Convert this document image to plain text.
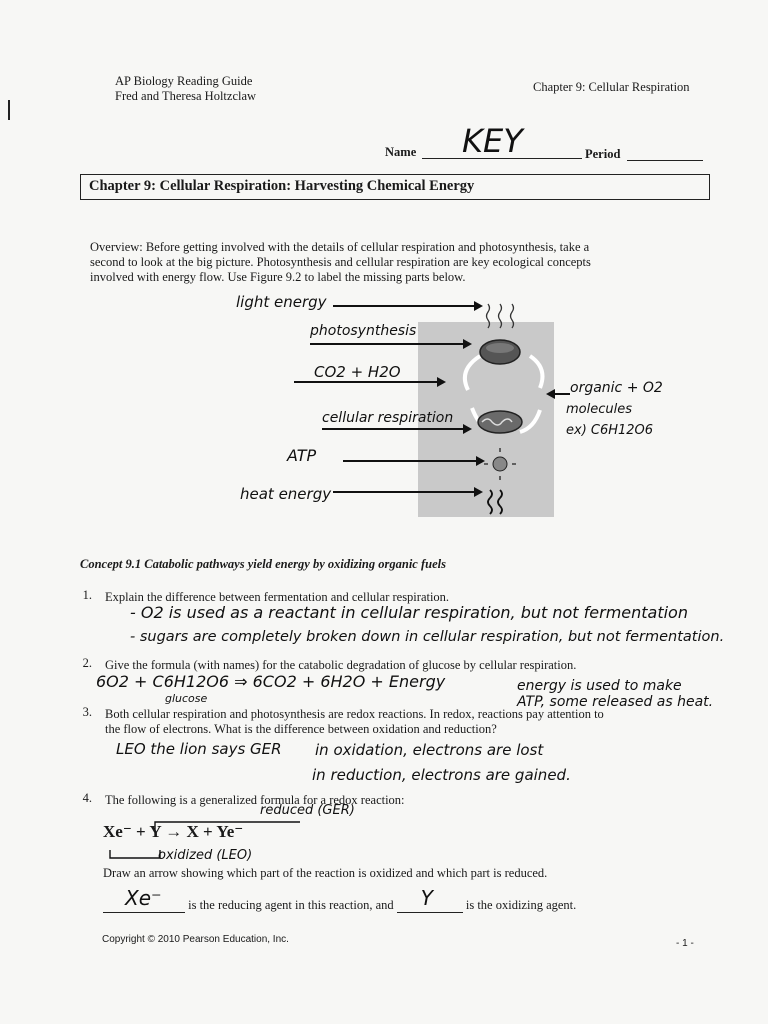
AP Biology Reading Guide
Fred and Theresa Holtzclaw
Chapter 9: Cellular Respiration
Name KEY	Period
Chapter 9: Cellular Respiration: Harvesting Chemical Energy
Overview: Before getting involved with the details of cellular respiration and photosynthesis, take a
second to look at the big picture. Photosynthesis and cellular respiration are key ecological concepts
involved with energy flow. Use Figure 9.2 to label the missing parts below.
light energy
photosynthesis
CO2 + H2O
cellular respiration
ATP
heat energy
organic + O2
molecules
ex) C6H12O6
Concept 9.1 Catabolic pathways yield energy by oxidizing organic fuels
1. Explain the difference between fermentation and cellular respiration.
- O2 is used as a reactant in cellular respiration, but not fermentation
- sugars are completely broken down in cellular respiration, but not fermentation.
2. Give the formula (with names) for the catabolic degradation of glucose by cellular respiration.
6O2 + C6H12O6 ⇒ 6CO2 + 6H2O + Energy
glucose
energy is used to make
ATP, some released as heat.
3. Both cellular respiration and photosynthesis are redox reactions. In redox, reactions pay attention to
the flow of electrons. What is the difference between oxidation and reduction?
LEO the lion says GER in oxidation, electrons are lost
in reduction, electrons are gained.
4. The following is a generalized formula for a redox reaction:
reduced (GER)
Xe⁻ + Y → X + Ye⁻
oxidized (LEO)
Draw an arrow showing which part of the reaction is oxidized and which part is reduced.
Xe⁻ is the reducing agent in this reaction, and Y	is the oxidizing agent.
Copyright © 2010 Pearson Education, Inc.	- 1 -
